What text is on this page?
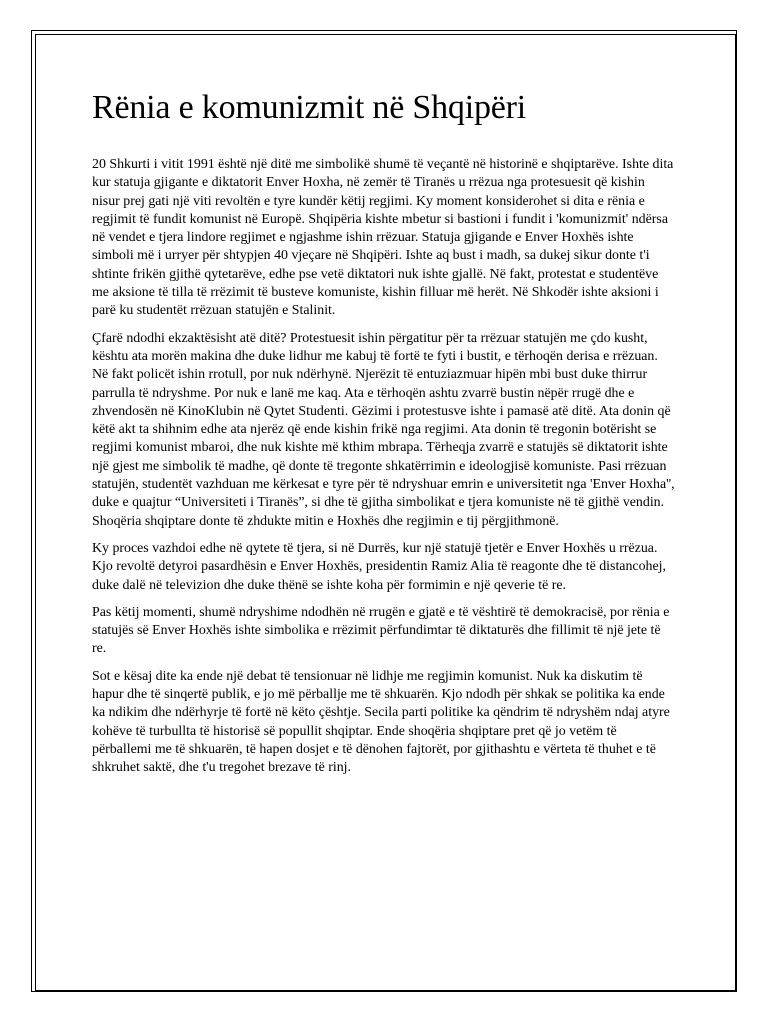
Rënia e komunizmit në Shqipëri

20 Shkurti i vitit 1991 është një ditë me simbolikë shumë të veçantë në historinë e shqiptarëve. Ishte dita kur statuja gjigante e diktatorit Enver Hoxha, në zemër të Tiranës u rrëzua nga protesuesit që kishin nisur prej gati një viti revoltën e tyre kundër këtij regjimi. Ky moment konsiderohet si dita e rënia e regjimit të fundit komunist në Europë. Shqipëria kishte mbetur si bastioni i fundit i 'komunizmit' ndërsa në vendet e tjera lindore regjimet e ngjashme ishin rrëzuar. Statuja gjigande e Enver Hoxhës ishte simboli më i urryer për shtypjen 40 vjeçare në Shqipëri. Ishte aq bust i madh, sa dukej sikur donte t'i shtinte frikën gjithë qytetarëve, edhe pse vetë diktatori nuk ishte gjallë. Në fakt, protestat e studentëve me aksione të tilla të rrëzimit të busteve komuniste, kishin filluar më herët. Në Shkodër ishte aksioni i parë ku studentët rrëzuan statujën e Stalinit.

Çfarë ndodhi ekzaktësisht atë ditë? Protestuesit ishin përgatitur për ta rrëzuar statujën me çdo kusht, kështu ata morën makina dhe duke lidhur me kabuj të fortë te fyti i bustit, e tërhoqën derisa e rrëzuan. Në fakt policët ishin rrotull, por nuk ndërhynë. Njerëzit të entuziazmuar hipën mbi bust duke thirrur parrulla të ndryshme. Por nuk e lanë me kaq. Ata e tërhoqën ashtu zvarrë bustin nëpër rrugë dhe e zhvendosën në KinoKlubin në Qytet Studenti. Gëzimi i protestusve ishte i pamasë atë ditë. Ata donin që këtë akt ta shihnim edhe ata njerëz që ende kishin frikë nga regjimi. Ata donin të tregonin botërisht se regjimi komunist mbaroi, dhe nuk kishte më kthim mbrapa. Tërheqja zvarrë e statujës së diktatorit ishte një gjest me simbolik të madhe, që donte të tregonte shkatërrimin e ideologjisë komuniste. Pasi rrëzuan statujën, studentët vazhduan me kërkesat e tyre për të ndryshuar emrin e universitetit nga 'Enver Hoxha'', duke e quajtur “Universiteti i Tiranës”, si dhe të gjitha simbolikat e tjera komuniste në të gjithë vendin. Shoqëria shqiptare donte të zhdukte mitin e Hoxhës dhe regjimin e tij përgjithmonë.

Ky proces vazhdoi edhe në qytete të tjera, si në Durrës, kur një statujë tjetër e Enver Hoxhës u rrëzua. Kjo revoltë detyroi pasardhësin e Enver Hoxhës, presidentin Ramiz Alia të reagonte dhe të distancohej, duke dalë në televizion dhe duke thënë se ishte koha për formimin e një qeverie të re.

Pas këtij momenti, shumë ndryshime ndodhën në rrugën e gjatë e të vështirë të demokracisë, por rënia e statujës së Enver Hoxhës ishte simbolika e rrëzimit përfundimtar të diktaturës dhe fillimit të një jete të re.

Sot e kësaj dite ka ende një debat të tensionuar në lidhje me regjimin komunist. Nuk ka diskutim të hapur dhe të sinqertë publik, e jo më përballje me të shkuarën. Kjo ndodh për shkak se politika ka ende ka ndikim dhe ndërhyrje të fortë në këto çështje. Secila parti politike ka qëndrim të ndryshëm ndaj atyre kohëve të turbullta të historisë së popullit shqiptar. Ende shoqëria shqiptare pret që jo vetëm të përballemi me të shkuarën, të hapen dosjet e të dënohen fajtorët, por gjithashtu e vërteta të thuhet e të shkruhet saktë, dhe t'u tregohet brezave të rinj.
